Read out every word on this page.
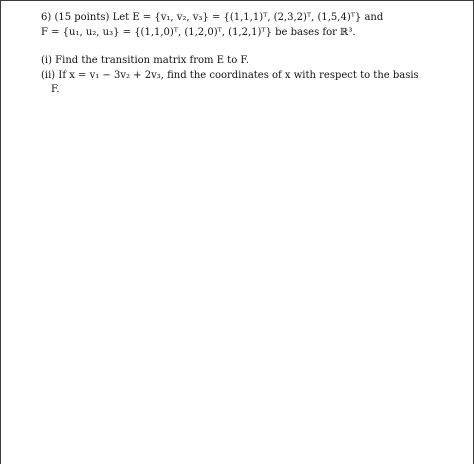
6) (15 points) Let E = {v₁, v₂, v₃} = {(1,1,1)ᵀ, (2,3,2)ᵀ, (1,5,4)ᵀ} and
F = {u₁, u₂, u₃} = {(1,1,0)ᵀ, (1,2,0)ᵀ, (1,2,1)ᵀ} be bases for ℝ³.
(i) Find the transition matrix from E to F.
(ii) If x = v₁ − 3v₂ + 2v₃, find the coordinates of x with respect to the basis
F.
